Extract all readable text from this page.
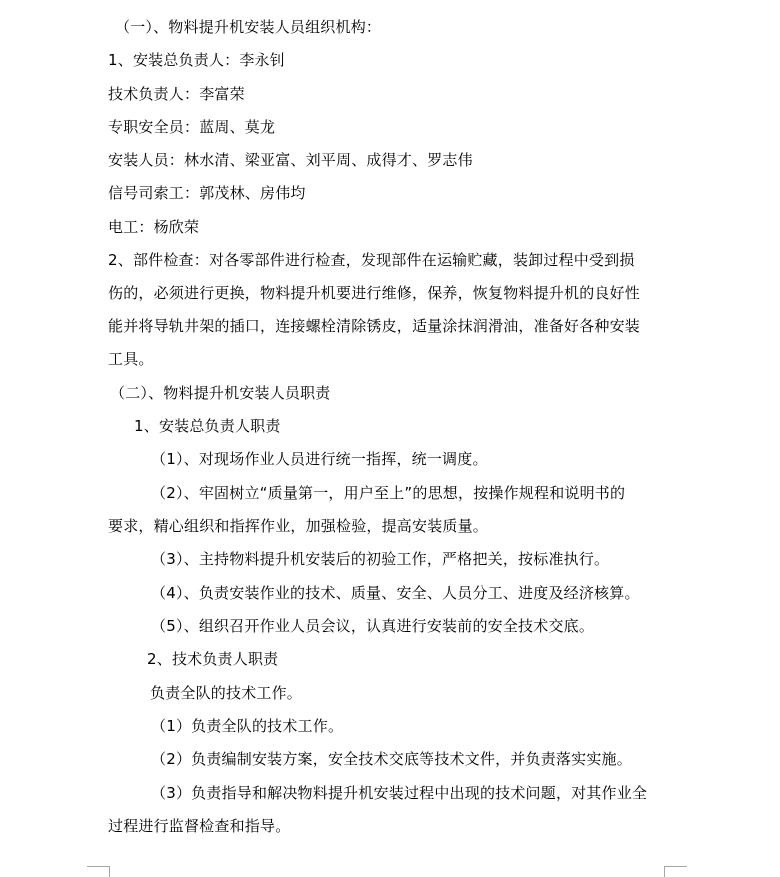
（一）、物料提升机安装人员组织机构：
1、安装总负责人：李永钊
技术负责人：李富荣
专职安全员：蓝周、莫龙
安装人员：林水清、梁亚富、刘平周、成得才、罗志伟
信号司索工：郭茂林、房伟均
电工：杨欣荣
2、部件检查：对各零部件进行检查，发现部件在运输贮藏，装卸过程中受到损
伤的，必须进行更换，物料提升机要进行维修，保养，恢复物料提升机的良好性
能并将导轨井架的插口，连接螺栓清除锈皮，适量涂抹润滑油，准备好各种安装
工具。
（二）、物料提升机安装人员职责
1、安装总负责人职责
（1）、对现场作业人员进行统一指挥，统一调度。
（2）、牢固树立“质量第一，用户至上”的思想，按操作规程和说明书的
要求，精心组织和指挥作业，加强检验，提高安装质量。
（3）、主持物料提升机安装后的初验工作，严格把关，按标准执行。
（4）、负责安装作业的技术、质量、安全、人员分工、进度及经济核算。
（5）、组织召开作业人员会议，认真进行安装前的安全技术交底。
2、技术负责人职责
负责全队的技术工作。
（1）负责全队的技术工作。
（2）负责编制安装方案，安全技术交底等技术文件，并负责落实实施。
（3）负责指导和解决物料提升机安装过程中出现的技术问题，对其作业全
过程进行监督检查和指导。
